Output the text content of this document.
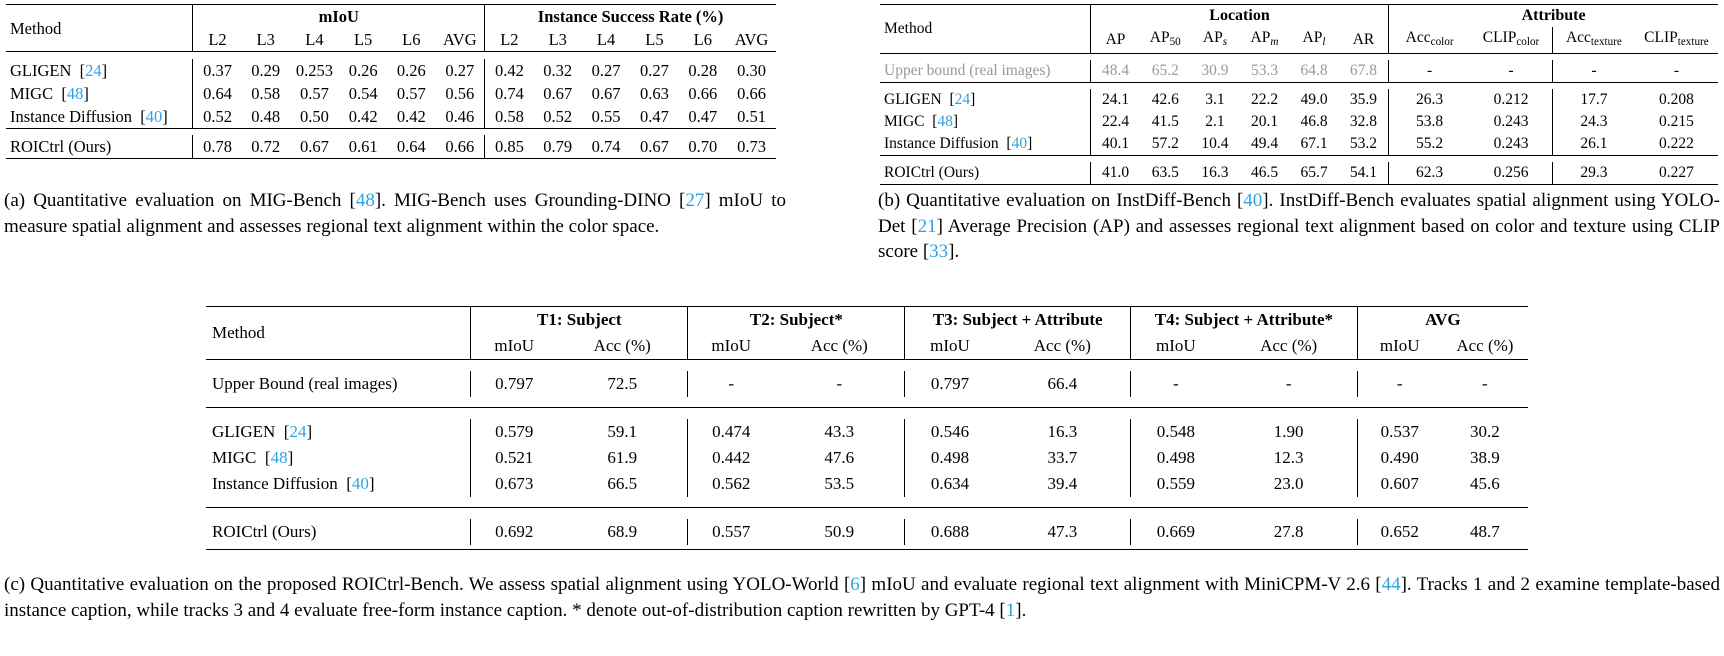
Method	mIoU						Instance Success Rate (%)					
	L2	L3	L4	L5	L6	AVG	L2	L3	L4	L5	L6	AVG

GLIGEN  [24]	0.37	0.29	0.253	0.26	0.26	0.27	0.42	0.32	0.27	0.27	0.28	0.30
MIGC  [48]	0.64	0.58	0.57	0.54	0.57	0.56	0.74	0.67	0.67	0.63	0.66	0.66
Instance Diffusion  [40]	0.52	0.48	0.50	0.42	0.42	0.46	0.58	0.52	0.55	0.47	0.47	0.51

ROICtrl (Ours)	0.78	0.72	0.67	0.61	0.64	0.66	0.85	0.79	0.74	0.67	0.70	0.73

(a) Quantitative evaluation on MIG-Bench [48]. MIG-Bench uses Grounding-DINO [27] mIoU to measure spatial alignment and assesses regional text alignment within the color space.
Method	Location						Attribute			
	AP	$AP_{50}$	$AP_s$	$AP_m$	$AP_l$	AR	Acc$_{color}$	$CLIP_{color}$	Acc$_{texture}$	$CLIP_{texture}$

Upper bound (real images)	48.4	65.2	30.9	53.3	64.8	67.8	-	-	-	-

GLIGEN  [24]	24.1	42.6	3.1	22.2	49.0	35.9	26.3	0.212	17.7	0.208
MIGC  [48]	22.4	41.5	2.1	20.1	46.8	32.8	53.8	0.243	24.3	0.215
Instance Diffusion  [40]	40.1	57.2	10.4	49.4	67.1	53.2	55.2	0.243	26.1	0.222

ROICtrl (Ours)	41.0	63.5	16.3	46.5	65.7	54.1	62.3	0.256	29.3	0.227

(b) Quantitative evaluation on InstDiff-Bench [40]. InstDiff-Bench evaluates spatial alignment using YOLO-Det [21] Average Precision (AP) and assesses regional text alignment based on color and texture using CLIP score [33].
Method	T1: Subject		T2: Subject*		T3: Subject + Attribute		T4: Subject + Attribute*		AVG	
	mIoU	Acc (%)	mIoU	Acc (%)	mIoU	Acc (%)	mIoU	Acc (%)	mIoU	Acc (%)

Upper Bound (real images)	0.797	72.5	-	-	0.797	66.4	-	-	-	-

GLIGEN  [24]	0.579	59.1	0.474	43.3	0.546	16.3	0.548	1.90	0.537	30.2
MIGC  [48]	0.521	61.9	0.442	47.6	0.498	33.7	0.498	12.3	0.490	38.9
Instance Diffusion  [40]	0.673	66.5	0.562	53.5	0.634	39.4	0.559	23.0	0.607	45.6

ROICtrl (Ours)	0.692	68.9	0.557	50.9	0.688	47.3	0.669	27.8	0.652	48.7

(c) Quantitative evaluation on the proposed ROICtrl-Bench. We assess spatial alignment using YOLO-World [6] mIoU and evaluate regional text alignment with MiniCPM-V 2.6 [44]. Tracks 1 and 2 examine template-based instance caption, while tracks 3 and 4 evaluate free-form instance caption. * denote out-of-distribution caption rewritten by GPT-4 [1].
